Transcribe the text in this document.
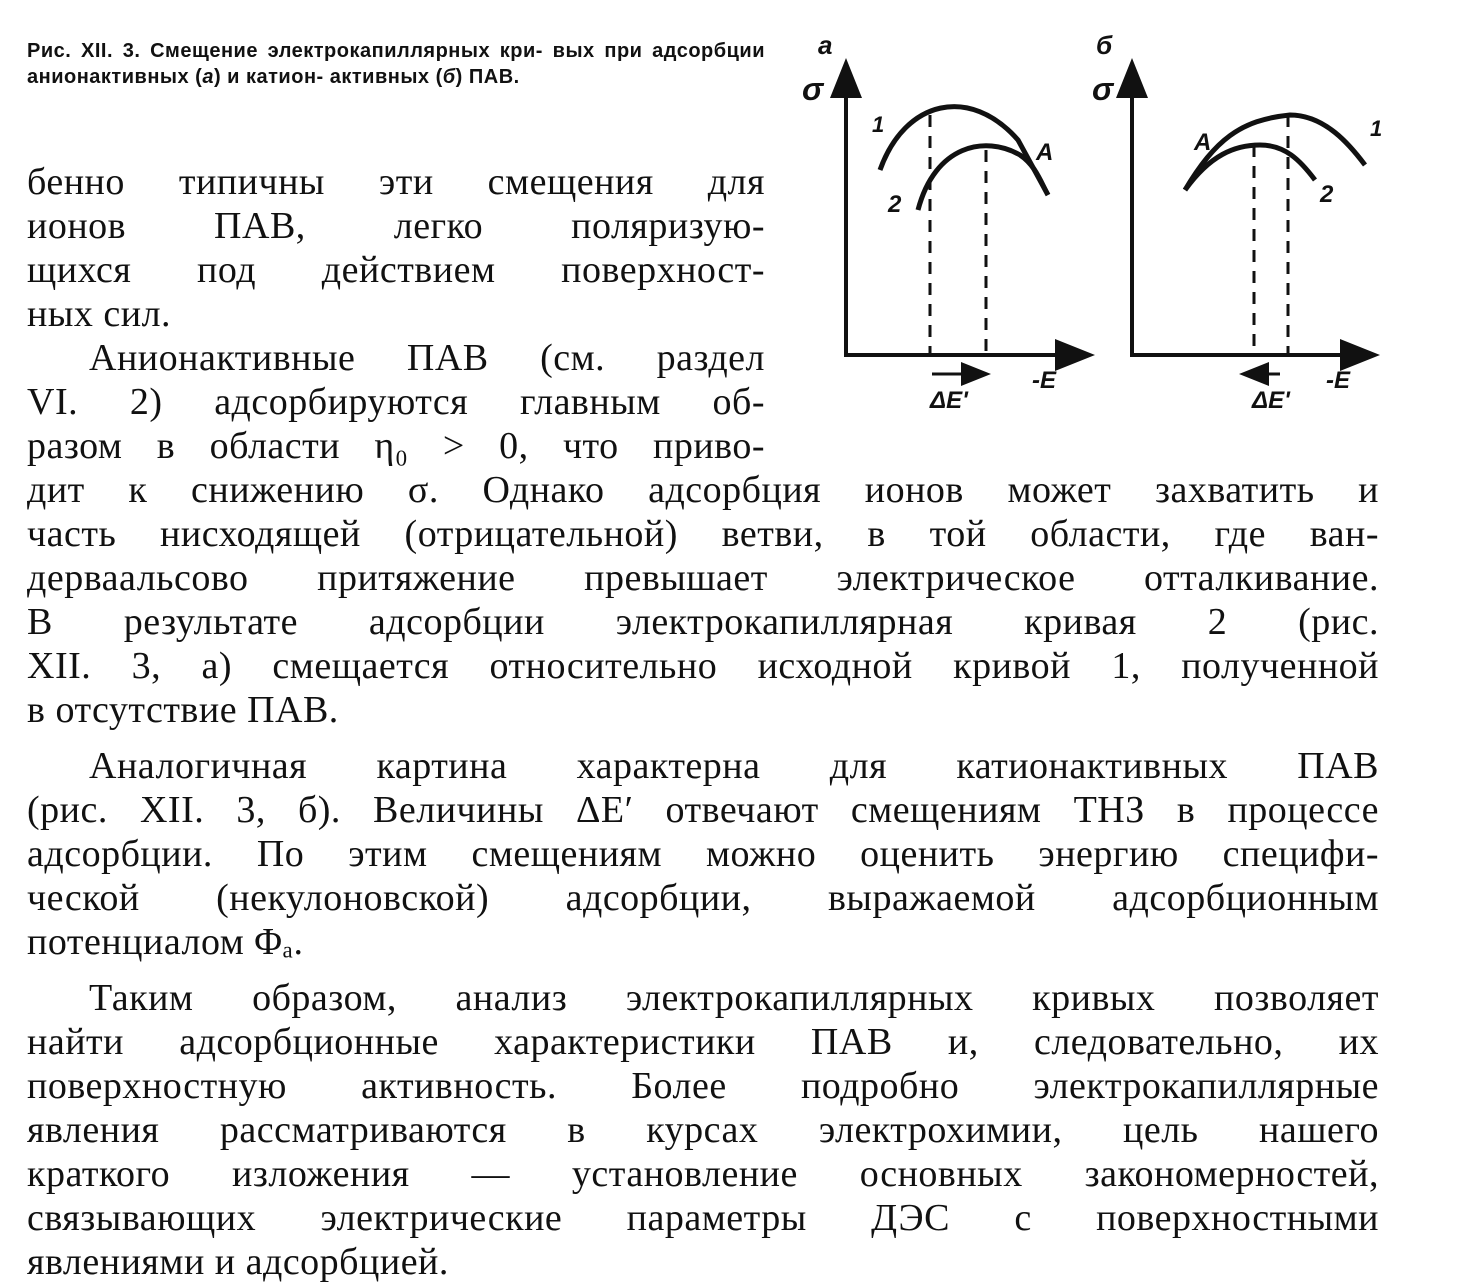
Рис. XII. 3. Смещение электрокапиллярных кри- вых при адсорбции анионактивных (а) и катион- активных (б) ПАВ.
а
σ
1
2
A
ΔE'
-E
б
σ
A
1
2
ΔE'
-E
бенно типичны эти смещения для
ионов ПАВ, легко поляризую-
щихся под действием поверхност-
ных сил.
Анионактивные ПАВ (см. раздел
VI. 2) адсорбируются главным об-
разом в области η₀ > 0, что приво-
дит к снижению σ. Однако адсорбция ионов может захватить и
часть нисходящей (отрицательной) ветви, в той области, где ван-
дерваальсово притяжение превышает электрическое отталкивание.
В результате адсорбции электрокапиллярная кривая 2 (рис.
XII. 3, а) смещается относительно исходной кривой 1, полученной
в отсутствие ПАВ.
Аналогичная картина характерна для катионактивных ПАВ
(рис. XII. 3, б). Величины ΔE′ отвечают смещениям ТНЗ в процессе
адсорбции. По этим смещениям можно оценить энергию специфи-
ческой (некулоновской) адсорбции, выражаемой адсорбционным
потенциалом Φₐ.
Таким образом, анализ электрокапиллярных кривых позволяет
найти адсорбционные характеристики ПАВ и, следовательно, их
поверхностную активность. Более подробно электрокапиллярные
явления рассматриваются в курсах электрохимии, цель нашего
краткого изложения — установление основных закономерностей,
связывающих электрические параметры ДЭС с поверхностными
явлениями и адсорбцией.
